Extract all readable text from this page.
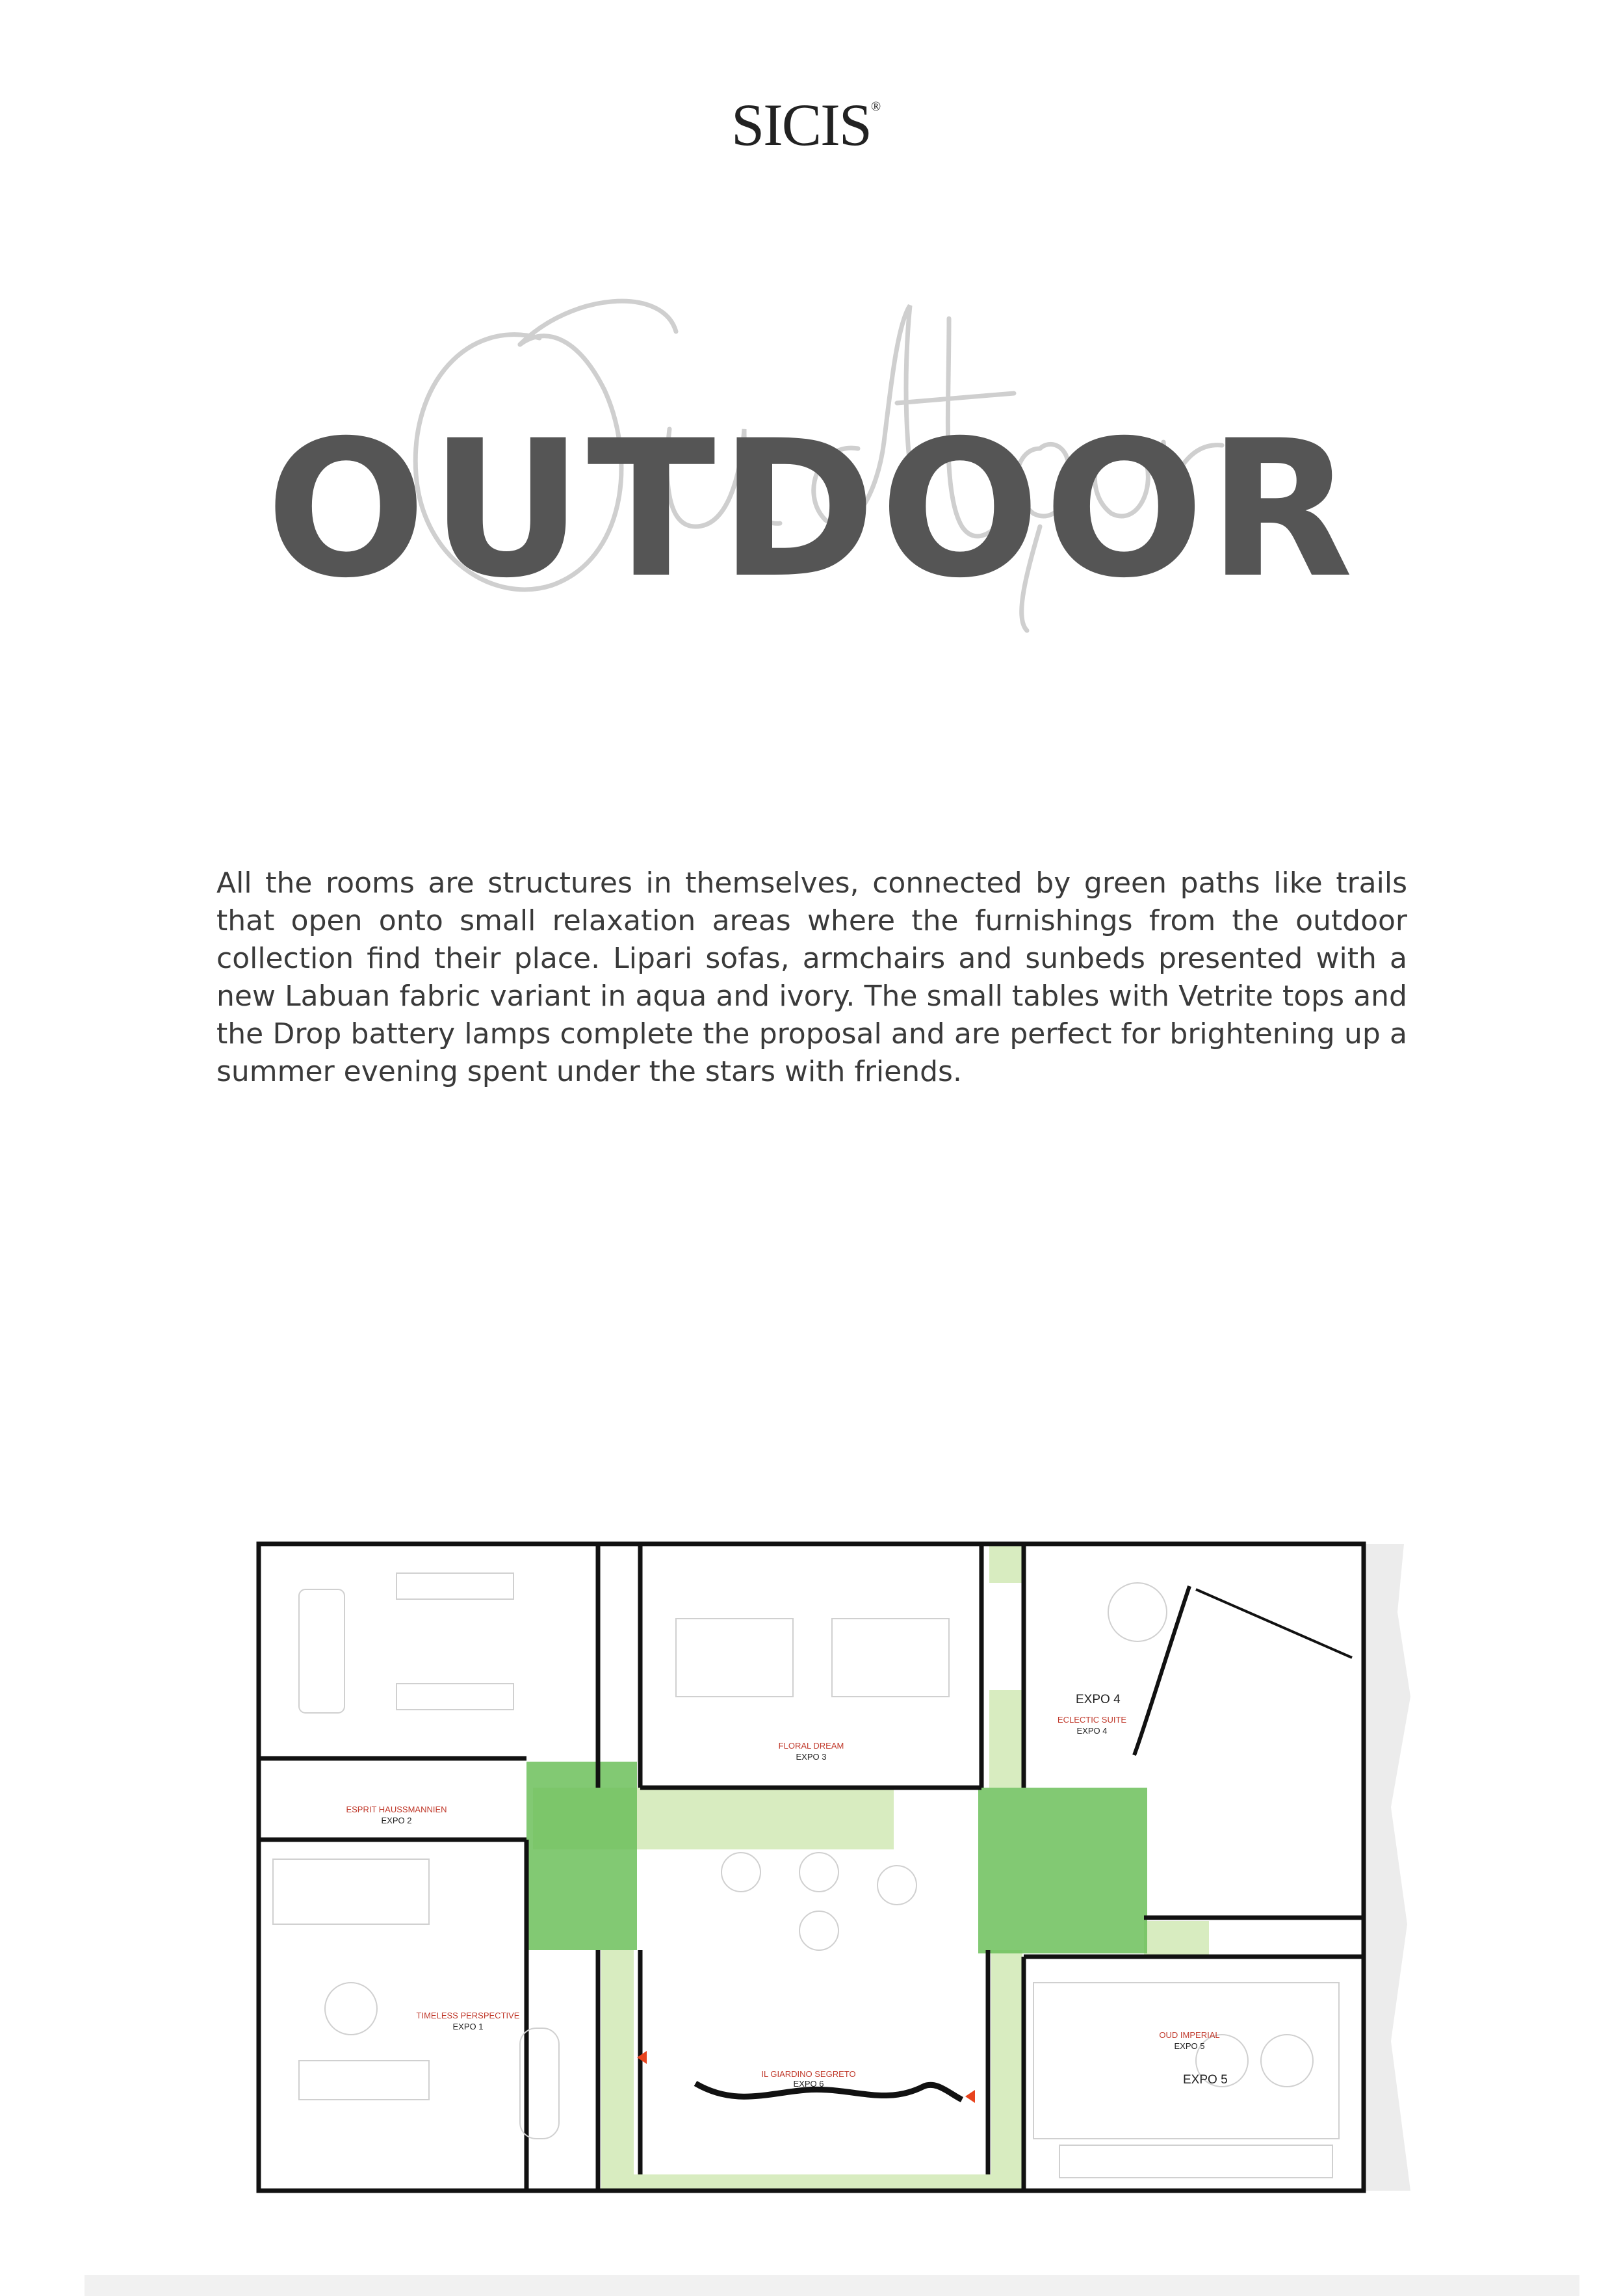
SICIS®
OUTDOOR
All the rooms are structures in themselves, connected by green paths like trails that open onto small relaxation areas where the furnishings from the outdoor collection find their place. Lipari sofas, armchairs and sunbeds presented with a new Labuan fabric variant in aqua and ivory. The small tables with Vetrite tops and the Drop battery lamps complete the proposal and are perfect for brightening up a summer evening spent under the stars with friends.
ESPRIT HAUSSMANNIEN
EXPO 2
FLORAL DREAM
EXPO 3
ECLECTIC SUITE
EXPO 4
TIMELESS PERSPECTIVE
EXPO 1
IL GIARDINO SEGRETO
EXPO 6
OUD IMPERIAL
EXPO 5
EXPO 4
EXPO 5
